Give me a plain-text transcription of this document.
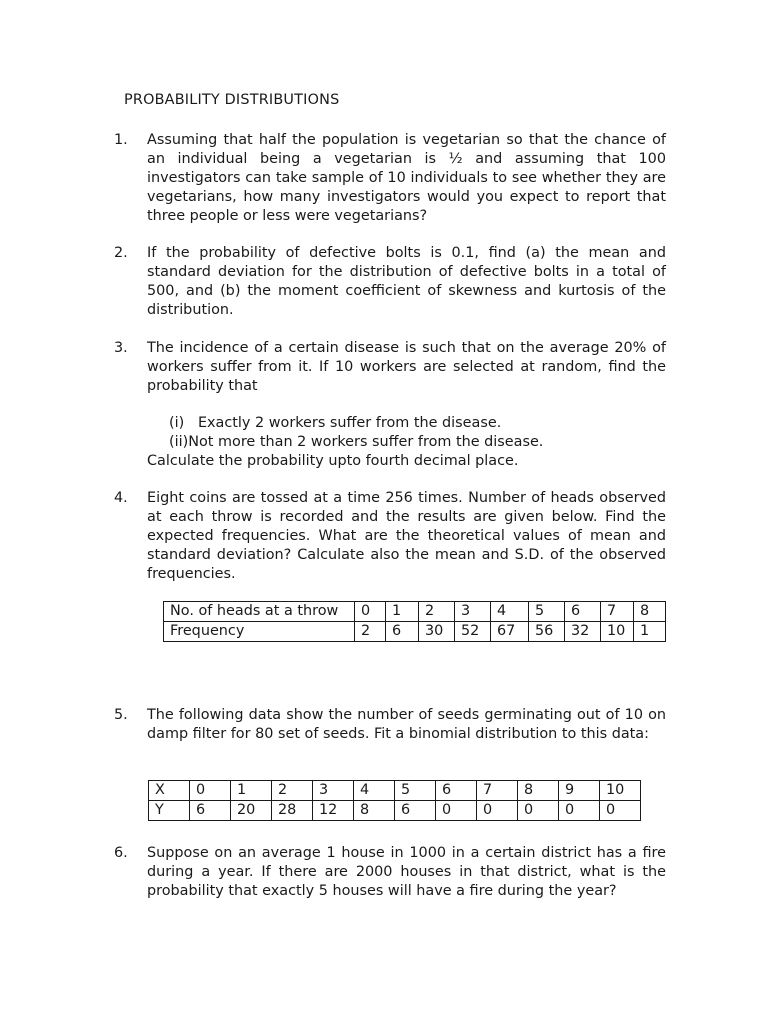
PROBABILITY DISTRIBUTIONS
1. Assuming that half the population is vegetarian so that the chance of an individual being a vegetarian is ½ and assuming that 100 investigators can take sample of 10 individuals to see whether they are vegetarians, how many investigators would you expect to report that three people or less were vegetarians?

2. If the probability of defective bolts is 0.1, find (a) the mean and standard deviation for the distribution of defective bolts in a total of 500, and (b) the moment coefficient of skewness and kurtosis of the distribution.

3. The incidence of a certain disease is such that on the average 20% of workers suffer from it. If 10 workers are selected at random, find the probability that

(i)   Exactly 2 workers suffer from the disease.

(ii)Not more than 2 workers suffer from the disease.

Calculate the probability upto fourth decimal place.

4. Eight coins are tossed at a time 256 times. Number of heads observed at each throw is recorded and the results are given below. Find the expected frequencies. What are the theoretical values of mean and standard deviation? Calculate also the mean and S.D. of the observed frequencies.

No. of heads at a throw	0	1	2	3	4	5	6	7	8
Frequency	2	6	30	52	67	56	32	10	1
5. The following data show the number of seeds germinating out of 10 on damp filter for 80 set of seeds. Fit a binomial distribution to this data:

X	0	1	2	3	4	5	6	7	8	9	10
Y	6	20	28	12	8	6	0	0	0	0	0
6. Suppose on an average 1 house in 1000 in a certain district has a fire during a year. If there are 2000 houses in that district, what is the probability that exactly 5 houses will have a fire during the year?
